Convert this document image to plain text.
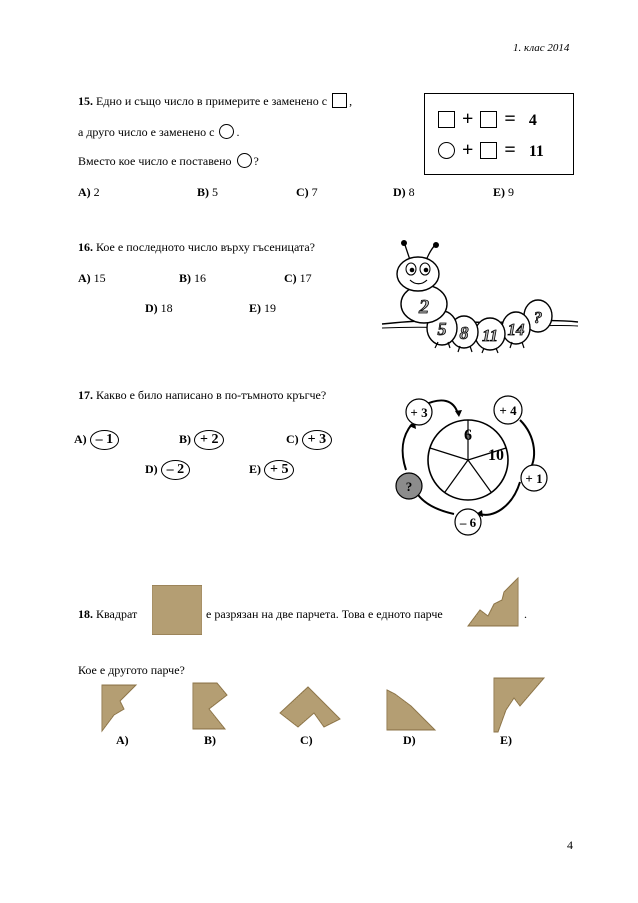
1. клас 2014
15. Едно и също число в примерите е заменено с ,
а друго число е заменено с .
Вместо кое число е поставено ?
+ = 4
+ = 11
A) 2	B) 5	C) 7	D) 8	E) 9
16. Кое е последното число върху гъсеницата?
A) 15	B) 16	C) 17
D) 18	E) 19	2
5 8 11 14
?
17. Какво е било написано в по-тъмното кръгче?
A) – 1	B) + 2	C) + 3
D) – 2	E) + 5
6
10
+ 4
+ 1
– 6
?
+ 3
18. Квадрат	е разрязан на две парчета. Това е едното парче	.
Кое е другото парче?
A)	B)	C)	D)	E)
4
